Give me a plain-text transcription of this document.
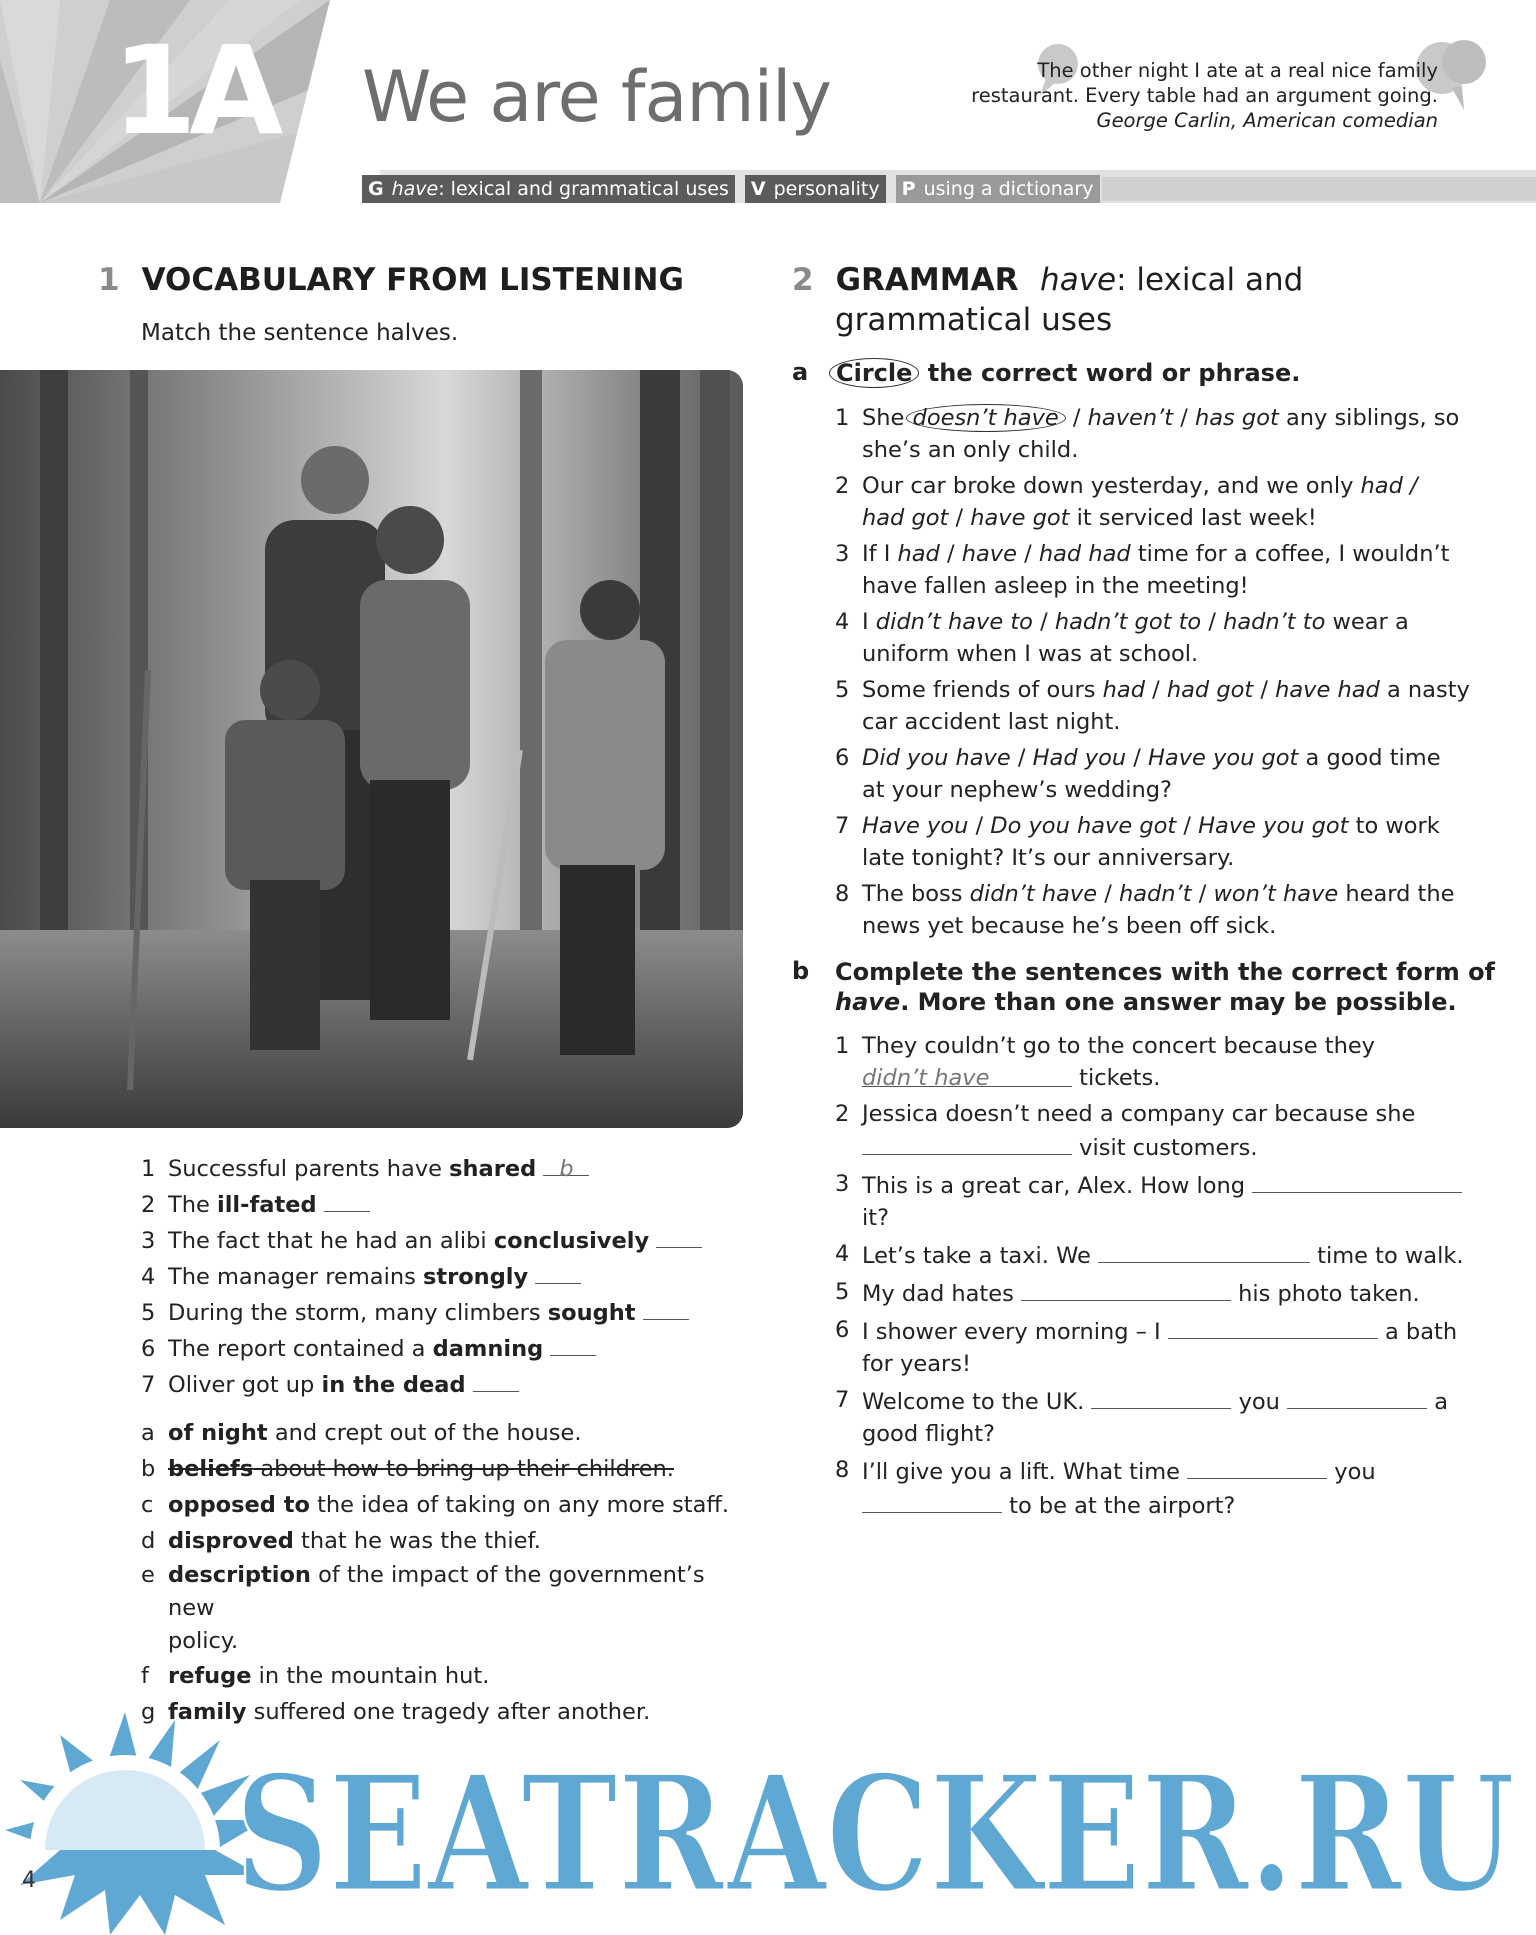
1A We are family	The other night I ate at a real nice family
restaurant. Every table had an argument going.
George Carlin, American comedian
G have: lexical and grammatical uses	V personality	P using a dictionary
1 VOCABULARY FROM LISTENING
Match the sentence halves.
1 Successful parents have shared b
2 The ill-fated
3 The fact that he had an alibi conclusively
4 The manager remains strongly
5 During the storm, many climbers sought
6 The report contained a damning
7 Oliver got up in the dead
a of night and crept out of the house.
b beliefs about how to bring up their children.
c opposed to the idea of taking on any more staff.
d disproved that he was the thief.
e description of the impact of the government’s new
policy.
f refuge in the mountain hut.
g family suffered one tragedy after another.
2 GRAMMAR have: lexical and
grammatical uses
a Circle the correct word or phrase.
1 She doesn’t have / haven’t / has got any siblings, so
she’s an only child.
2 Our car broke down yesterday, and we only had /
had got / have got it serviced last week!
3 If I had / have / had had time for a coffee, I wouldn’t
have fallen asleep in the meeting!
4 I didn’t have to / hadn’t got to / hadn’t to wear a
uniform when I was at school.
5 Some friends of ours had / had got / have had a nasty
car accident last night.
6 Did you have / Had you / Have you got a good time
at your nephew’s wedding?
7 Have you / Do you have got / Have you got to work
late tonight? It’s our anniversary.
8 The boss didn’t have / hadn’t / won’t have heard the
news yet because he’s been off sick.
b Complete the sentences with the correct form of
have. More than one answer may be possible.
1 They couldn’t go to the concert because they
didn’t have	tickets.
2 Jessica doesn’t need a company car because she
visit customers.
3 This is a great car, Alex. How long
it?
4 Let’s take a taxi. We	time to walk.
5 My dad hates	his photo taken.
6 I shower every morning – I	a bath
for years!
7 Welcome to the UK.	you	a
good flight?
8 I’ll give you a lift. What time	you
to be at the airport?
SEATRACKER.RU
4
